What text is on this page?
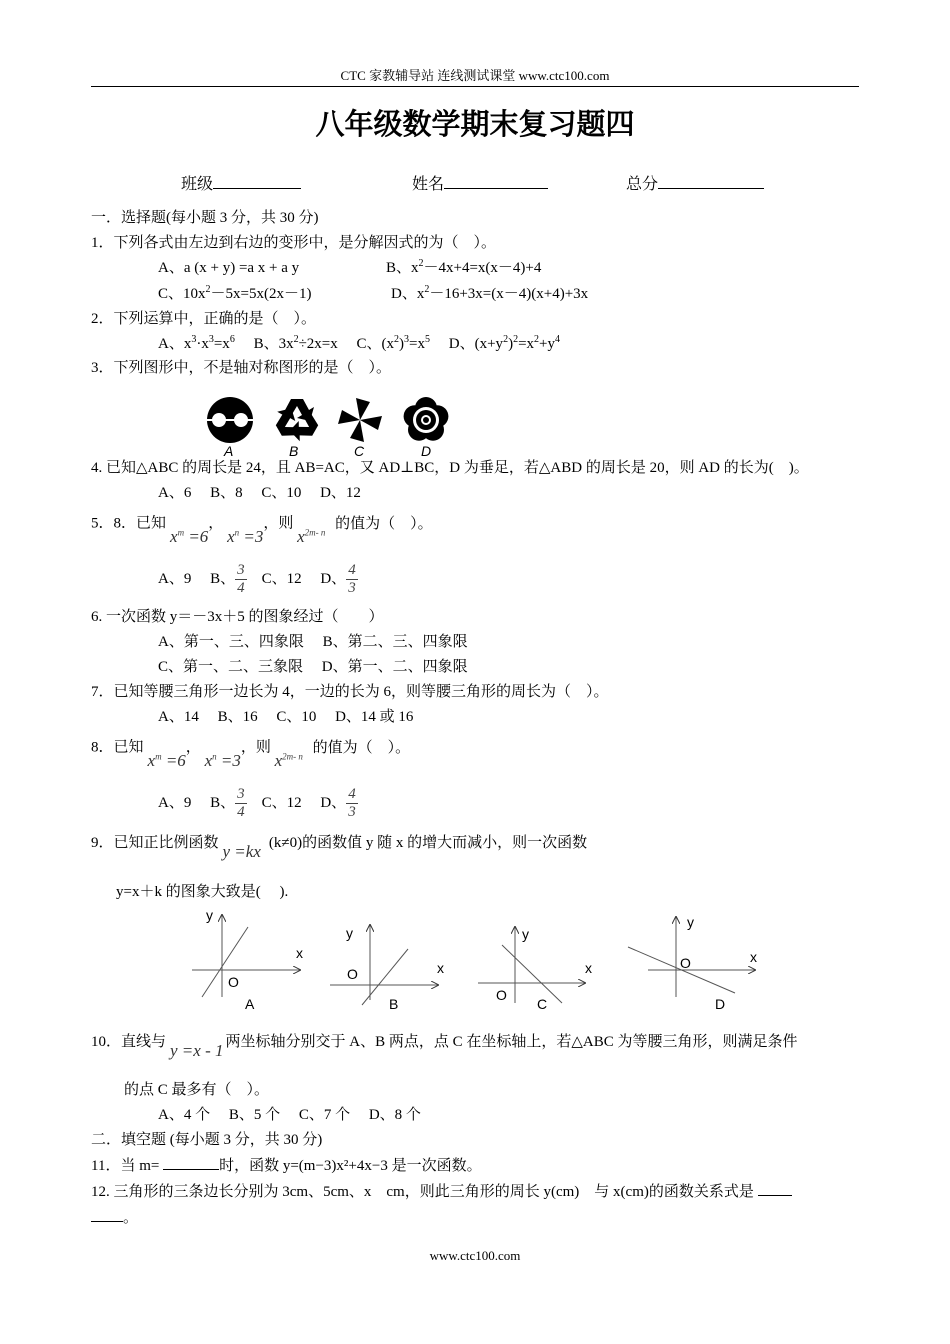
CTC 家教辅导站 连线测试课堂 www.ctc100.com
八年级数学期末复习题四
班级	姓名	总分
一．选择题(每小题 3 分，共 30 分)
1．下列各式由左边到右边的变形中，是分解因式的为（　）。
A、a (x + y) =a x + a y	B、$x^2-4x+4=x(x-4)+4$
C、$10x^2-5x=5x(2x-1)$	D、$x^2-16+3x=(x-4)(x+4)+3x$
2．下列运算中，正确的是（　）。
A、$x^3\cdot x^3=x^6$ B、$3x^2\div 2x=x$ C、$(x^2)^3=x^5$ D、$(x+y^2)^2=x^2+y^4$
3．下列图形中，不是轴对称图形的是（　）。
A	B	C	D
4. 已知△ABC 的周长是 24，且 AB=AC，又 AD⊥BC，D 为垂足，若△ABD 的周长是 20，则 AD 的长为(　)。
A、6　 B、8　 C、10　 D、12
5．8．已知$x^m =6$， $x^n =3$，则 $x^{2m- n}$ 的值为（　）。
A、9　 B、 $\frac{3}{4}$ 　C、12　 D、 $\frac{4}{3}$
6. 一次函数 y＝－3x＋5 的图象经过（　　）
A、第一、三、四象限　 B、第二、三、四象限
C、第一、二、三象限　 D、第一、二、四象限
7．已知等腰三角形一边长为 4，一边的长为 6，则等腰三角形的周长为（　）。
A、14　 B、16　 C、10　 D、14 或 16
8．已知$x^m =6$， $x^n =3$，则 $x^{2m- n}$ 的值为（　）。
A、9　 B、 $\frac{3}{4}$ 　C、12　 D、 $\frac{4}{3}$
9．已知正比例函数 y =kx (k≠0)的函数值 y 随 x 的增大而减小，则一次函数
y=x＋k 的图象大致是(　 ).
y
x
O
A
y
x
O
B
y
x
O
C
y
x
O
D
10．直线与 y =x - 1 两坐标轴分别交于 A、B 两点，点 C 在坐标轴上，若△ABC 为等腰三角形，则满足条件
的点 C 最多有（　）。
A、4 个　 B、5 个　 C、7 个　 D、8 个
二．填空题 (每小题 3 分，共 30 分)
11．当 m=	时，函数 y=(m−3)x²+4x−3 是一次函数。
12. 三角形的三条边长分别为 3cm、5cm、x　cm，则此三角形的周长 y(cm)　与 x(cm)的函数关系式是
。
www.ctc100.com
